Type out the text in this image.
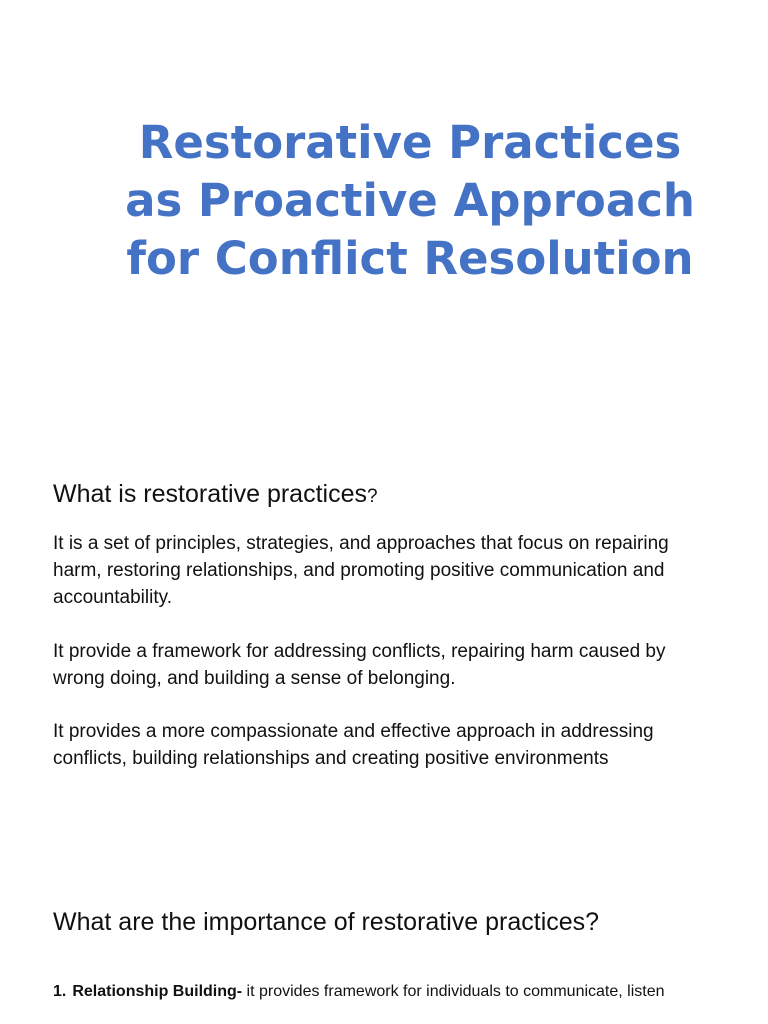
Restorative Practices
as Proactive Approach
for Conflict Resolution
What is restorative practices?

It is a set of principles, strategies, and approaches that focus on repairing
harm, restoring relationships, and promoting positive communication and
accountability.

It provide a framework for addressing conflicts, repairing harm caused by
wrong doing, and building a sense of belonging.

It provides a more compassionate and effective approach in addressing
conflicts, building relationships and creating positive environments

What are the importance of restorative practices?

1. Relationship Building- it provides framework for individuals to communicate, listen
